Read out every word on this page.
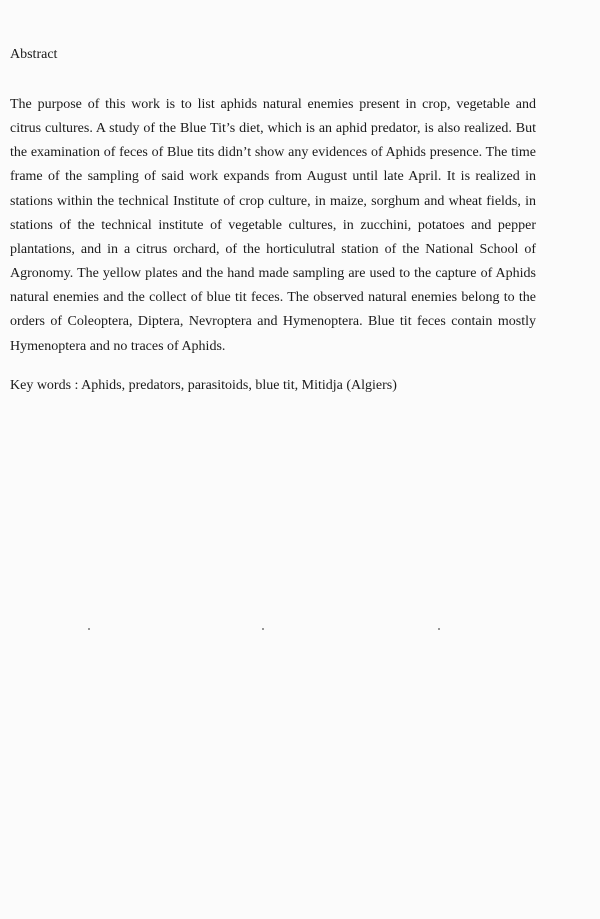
Abstract

The purpose of this work is to list aphids natural enemies present in crop, vegetable and citrus cultures. A study of the Blue Tit’s diet, which is an aphid predator, is also realized. But the examination of feces of Blue tits didn’t show any evidences of Aphids presence. The time frame of the sampling of said work expands from August until late April. It is realized in stations within the technical Institute of crop culture, in maize, sorghum and wheat fields, in stations of the technical institute of vegetable cultures, in zucchini, potatoes and pepper plantations, and in a citrus orchard, of the horticulutral station of the National School of Agronomy. The yellow plates and the hand made sampling are used to the capture of Aphids natural enemies and the collect of blue tit feces. The observed natural enemies belong to the orders of Coleoptera, Diptera, Nevroptera and Hymenoptera. Blue tit feces contain mostly Hymenoptera and no traces of Aphids.

Key words : Aphids, predators, parasitoids, blue tit, Mitidja (Algiers)
